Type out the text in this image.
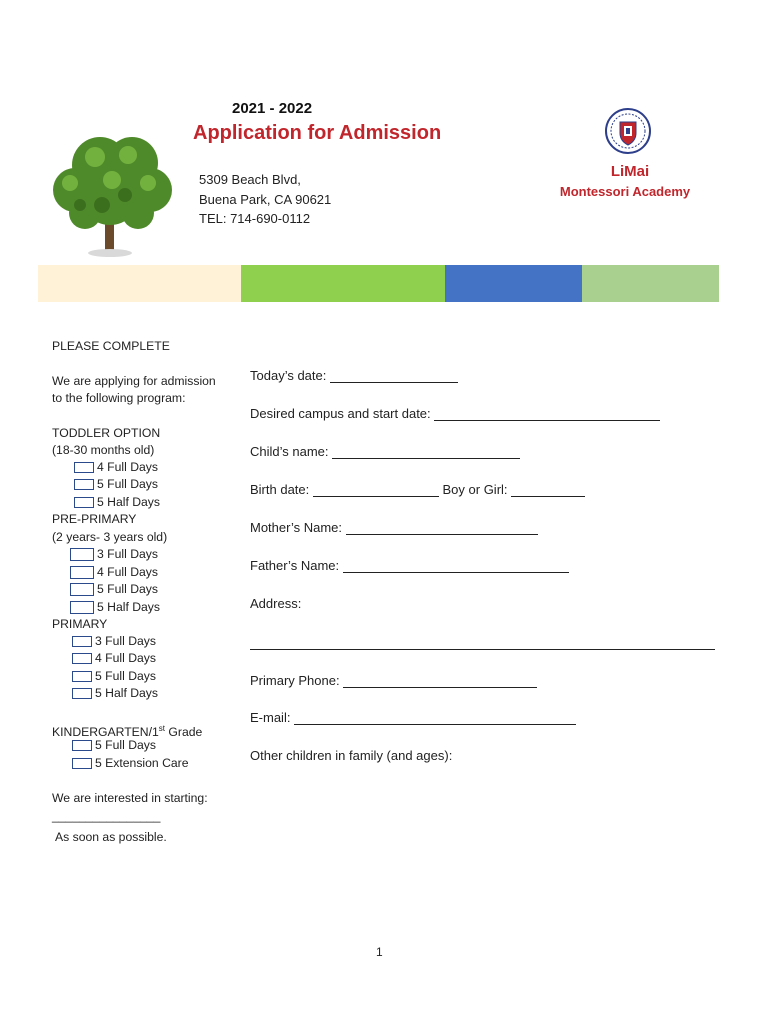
2021 - 2022
Application for Admission
5309 Beach Blvd,
Buena Park, CA 90621
TEL: 714-690-0112
LiMai
Montessori Academy
PLEASE COMPLETE
We are applying for admission
to the following program:
TODDLER OPTION
(18-30 months old)
4 Full Days
5 Full Days
5 Half Days
PRE-PRIMARY
(2 years- 3 years old)
3 Full Days
4 Full Days
5 Full Days
5 Half Days
PRIMARY
3 Full Days
4 Full Days
5 Full Days
5 Half Days
KINDERGARTEN/1st Grade
5 Full Days
5 Extension Care
We are interested in starting:
________________
As soon as possible.
Today’s date:
Desired campus and start date:
Child’s name:
Birth date:	Boy or Girl:
Mother’s Name:
Father’s Name:
Address:
Primary Phone:
E-mail:
Other children in family (and ages):
1
